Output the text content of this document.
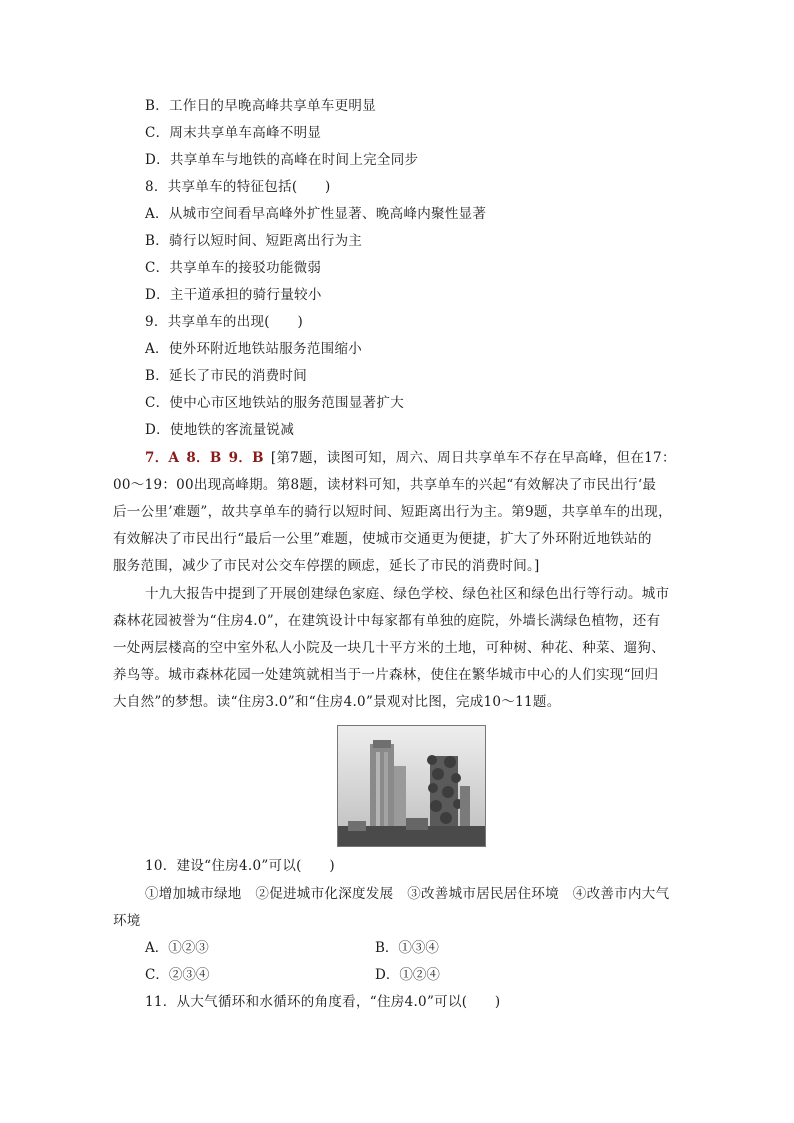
B．工作日的早晚高峰共享单车更明显
C．周末共享单车高峰不明显
D．共享单车与地铁的高峰在时间上完全同步
8．共享单车的特征包括(　　)
A．从城市空间看早高峰外扩性显著、晚高峰内聚性显著
B．骑行以短时间、短距离出行为主
C．共享单车的接驳功能微弱
D．主干道承担的骑行量较小
9．共享单车的出现(　　)
A．使外环附近地铁站服务范围缩小
B．延长了市民的消费时间
C．使中心市区地铁站的服务范围显著扩大
D．使地铁的客流量锐减
7．A  8．B  9．B  [第7题，读图可知，周六、周日共享单车不存在早高峰，但在17：
00～19：00出现高峰期。第8题，读材料可知，共享单车的兴起“有效解决了市民出行‘最
后一公里’难题”，故共享单车的骑行以短时间、短距离出行为主。第9题，共享单车的出现，
有效解决了市民出行“最后一公里”难题，使城市交通更为便捷，扩大了外环附近地铁站的
服务范围，减少了市民对公交车停摆的顾虑，延长了市民的消费时间。]
十九大报告中提到了开展创建绿色家庭、绿色学校、绿色社区和绿色出行等行动。城市
森林花园被誉为“住房4.0”，在建筑设计中每家都有单独的庭院，外墙长满绿色植物，还有
一处两层楼高的空中室外私人小院及一块几十平方米的土地，可种树、种花、种菜、遛狗、
养鸟等。城市森林花园一处建筑就相当于一片森林，使住在繁华城市中心的人们实现“回归
大自然”的梦想。读“住房3.0”和“住房4.0”景观对比图，完成10～11题。
10．建设“住房4.0”可以(　　)
①增加城市绿地　②促进城市化深度发展　③改善城市居民居住环境　④改善市内大气
环境
A．①②③	B．①③④
C．②③④	D．①②④
11．从大气循环和水循环的角度看，“住房4.0”可以(　　)
